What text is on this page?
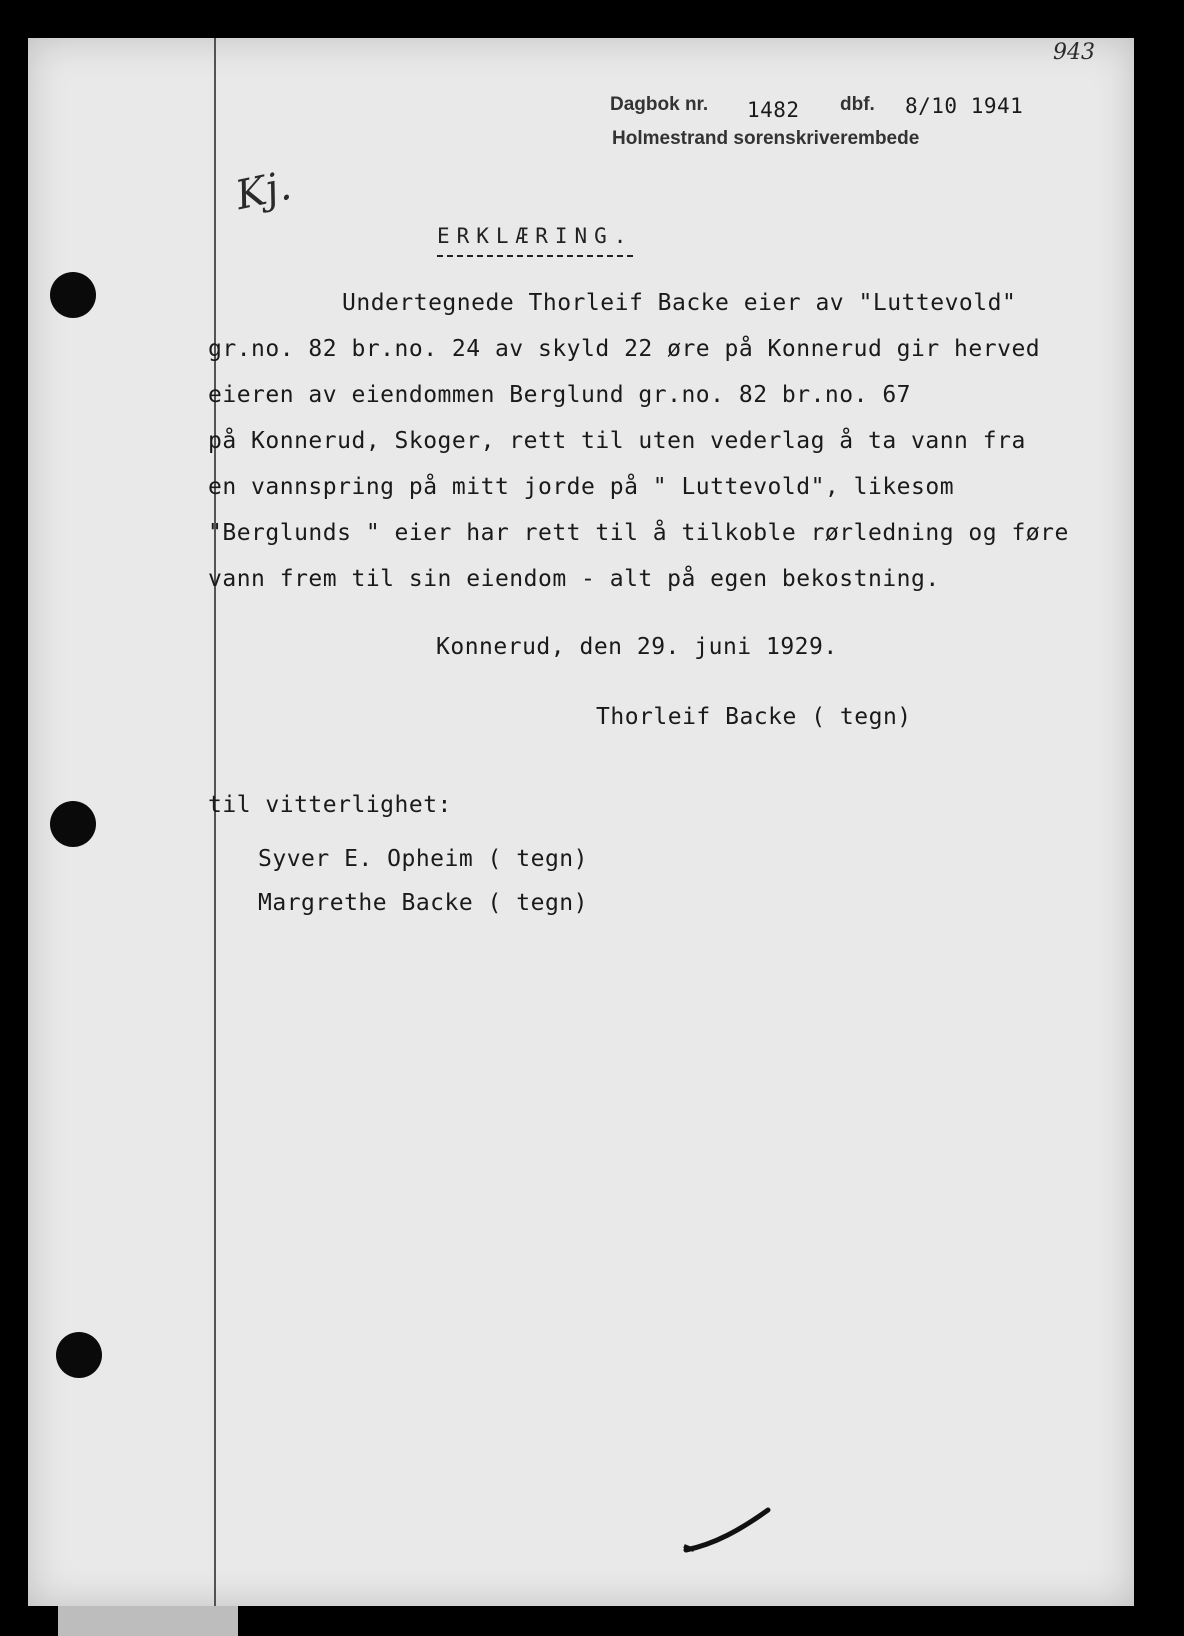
943
Dagbok nr. 1482 dbf. 8/10 1941
Holmestrand sorenskriverembede
Kj.
ERKLÆRING.

Undertegnede Thorleif Backe eier av "Luttevold"

gr.no. 82 br.no. 24 av skyld 22 øre på Konnerud gir herved

eieren av eiendommen Berglund gr.no. 82 br.no. 67

på Konnerud, Skoger, rett til uten vederlag å ta vann fra

en vannspring på mitt jorde på " Luttevold", likesom

"Berglunds " eier har rett til å tilkoble rørledning og føre

vann frem til sin eiendom - alt på egen bekostning.

Konnerud, den 29. juni 1929.

Thorleif Backe ( tegn)

til vitterlighet:

Syver E. Opheim ( tegn)

Margrethe Backe ( tegn)
